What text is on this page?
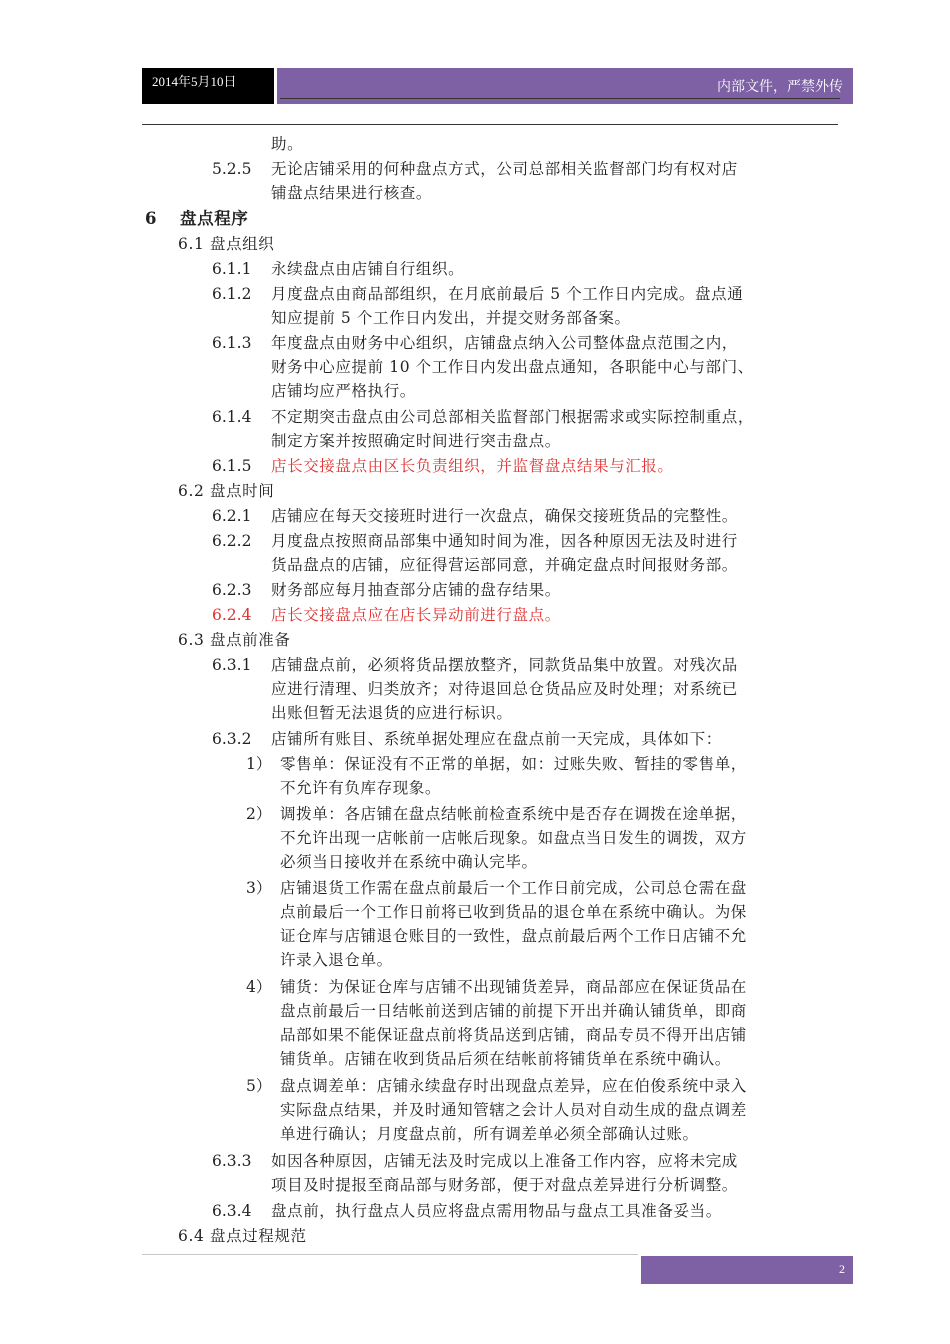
2014年5月10日	内部文件，严禁外传
助。
5.2.5 无论店铺采用的何种盘点方式，公司总部相关监督部门均有权对店
铺盘点结果进行核查。
6 盘点程序
6.1 盘点组织
6.1.1 永续盘点由店铺自行组织。
6.1.2 月度盘点由商品部组织，在月底前最后 5 个工作日内完成。盘点通
知应提前 5 个工作日内发出，并提交财务部备案。
6.1.3 年度盘点由财务中心组织，店铺盘点纳入公司整体盘点范围之内，
财务中心应提前 10 个工作日内发出盘点通知，各职能中心与部门、
店铺均应严格执行。
6.1.4 不定期突击盘点由公司总部相关监督部门根据需求或实际控制重点，
制定方案并按照确定时间进行突击盘点。
6.1.5 店长交接盘点由区长负责组织，并监督盘点结果与汇报。
6.2 盘点时间
6.2.1 店铺应在每天交接班时进行一次盘点，确保交接班货品的完整性。
6.2.2 月度盘点按照商品部集中通知时间为准，因各种原因无法及时进行
货品盘点的店铺，应征得营运部同意，并确定盘点时间报财务部。
6.2.3 财务部应每月抽查部分店铺的盘存结果。
6.2.4 店长交接盘点应在店长异动前进行盘点。
6.3 盘点前准备
6.3.1 店铺盘点前，必须将货品摆放整齐，同款货品集中放置。对残次品
应进行清理、归类放齐；对待退回总仓货品应及时处理；对系统已
出账但暂无法退货的应进行标识。
6.3.2 店铺所有账目、系统单据处理应在盘点前一天完成，具体如下：
1） 零售单：保证没有不正常的单据，如：过账失败、暂挂的零售单，
不允许有负库存现象。
2） 调拨单：各店铺在盘点结帐前检查系统中是否存在调拨在途单据，
不允许出现一店帐前一店帐后现象。如盘点当日发生的调拨，双方
必须当日接收并在系统中确认完毕。
3） 店铺退货工作需在盘点前最后一个工作日前完成，公司总仓需在盘
点前最后一个工作日前将已收到货品的退仓单在系统中确认。为保
证仓库与店铺退仓账目的一致性，盘点前最后两个工作日店铺不允
许录入退仓单。
4） 铺货：为保证仓库与店铺不出现铺货差异，商品部应在保证货品在
盘点前最后一日结帐前送到店铺的前提下开出并确认铺货单，即商
品部如果不能保证盘点前将货品送到店铺，商品专员不得开出店铺
铺货单。店铺在收到货品后须在结帐前将铺货单在系统中确认。
5） 盘点调差单：店铺永续盘存时出现盘点差异，应在伯俊系统中录入
实际盘点结果，并及时通知管辖之会计人员对自动生成的盘点调差
单进行确认；月度盘点前，所有调差单必须全部确认过账。
6.3.3 如因各种原因，店铺无法及时完成以上准备工作内容，应将未完成
项目及时提报至商品部与财务部，便于对盘点差异进行分析调整。
6.3.4 盘点前，执行盘点人员应将盘点需用物品与盘点工具准备妥当。
6.4 盘点过程规范
2
